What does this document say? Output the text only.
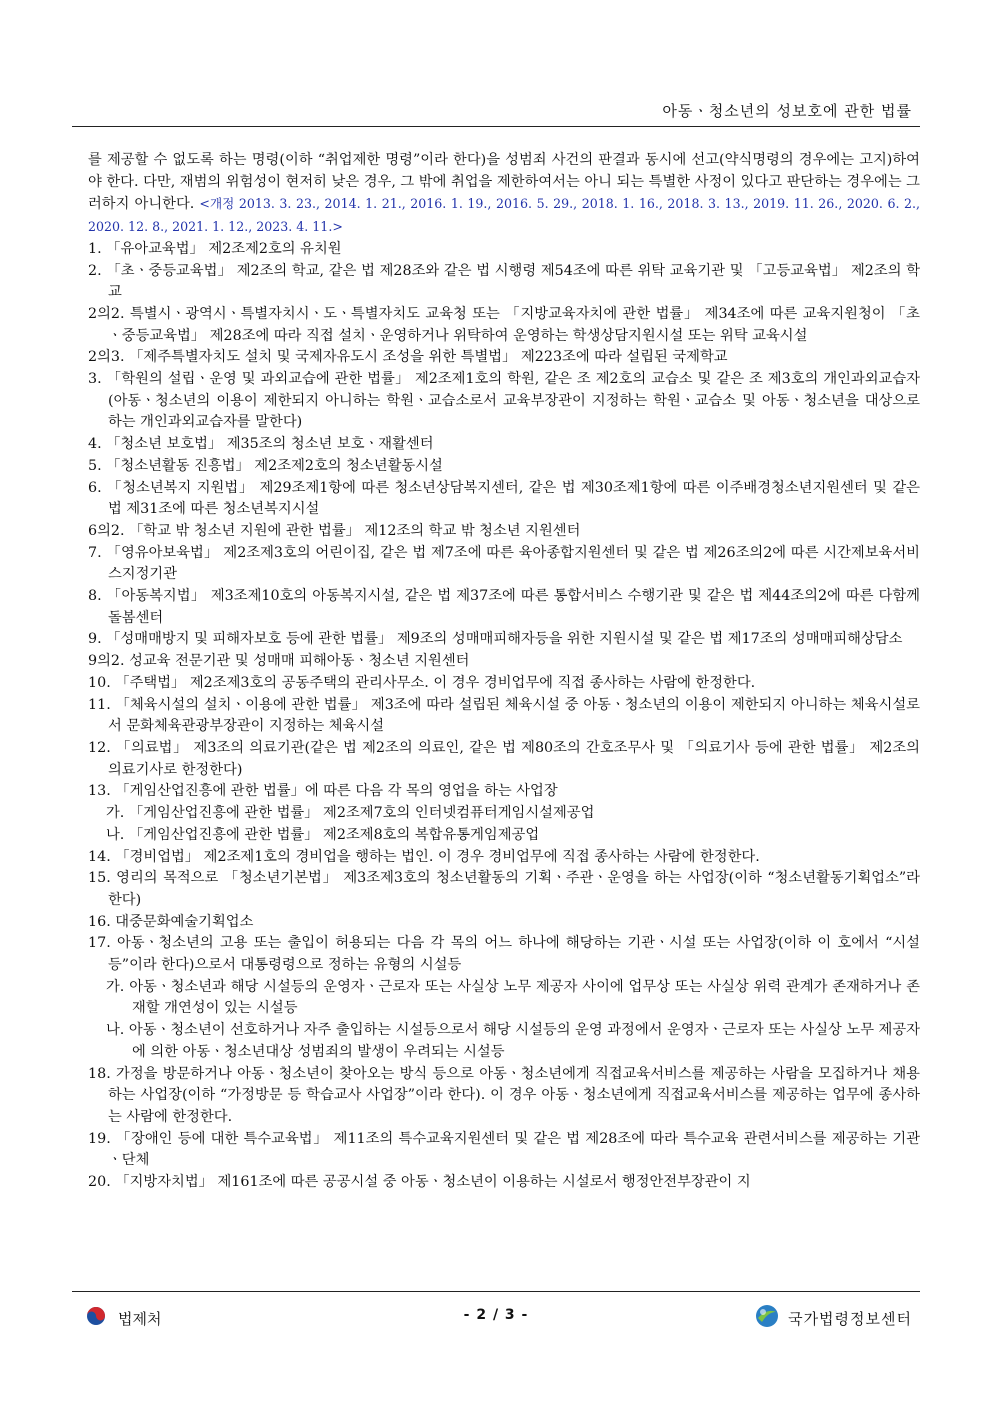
아동ㆍ청소년의 성보호에 관한 법률
를 제공할 수 없도록 하는 명령(이하 “취업제한 명령”이라 한다)을 성범죄 사건의 판결과 동시에 선고(약식명령의 경우에는 고지)하여야 한다. 다만, 재범의 위험성이 현저히 낮은 경우, 그 밖에 취업을 제한하여서는 아니 되는 특별한 사정이 있다고 판단하는 경우에는 그러하지 아니한다. <개정 2013. 3. 23., 2014. 1. 21., 2016. 1. 19., 2016. 5. 29., 2018. 1. 16., 2018. 3. 13., 2019. 11. 26., 2020. 6. 2., 2020. 12. 8., 2021. 1. 12., 2023. 4. 11.>
1. 「유아교육법」 제2조제2호의 유치원
2. 「초ㆍ중등교육법」 제2조의 학교, 같은 법 제28조와 같은 법 시행령 제54조에 따른 위탁 교육기관 및 「고등교육법」 제2조의 학교
2의2. 특별시ㆍ광역시ㆍ특별자치시ㆍ도ㆍ특별자치도 교육청 또는 「지방교육자치에 관한 법률」 제34조에 따른 교육지원청이 「초ㆍ중등교육법」 제28조에 따라 직접 설치ㆍ운영하거나 위탁하여 운영하는 학생상담지원시설 또는 위탁 교육시설
2의3. 「제주특별자치도 설치 및 국제자유도시 조성을 위한 특별법」 제223조에 따라 설립된 국제학교
3. 「학원의 설립ㆍ운영 및 과외교습에 관한 법률」 제2조제1호의 학원, 같은 조 제2호의 교습소 및 같은 조 제3호의 개인과외교습자(아동ㆍ청소년의 이용이 제한되지 아니하는 학원ㆍ교습소로서 교육부장관이 지정하는 학원ㆍ교습소 및 아동ㆍ청소년을 대상으로 하는 개인과외교습자를 말한다)
4. 「청소년 보호법」 제35조의 청소년 보호ㆍ재활센터
5. 「청소년활동 진흥법」 제2조제2호의 청소년활동시설
6. 「청소년복지 지원법」 제29조제1항에 따른 청소년상담복지센터, 같은 법 제30조제1항에 따른 이주배경청소년지원센터 및 같은 법 제31조에 따른 청소년복지시설
6의2. 「학교 밖 청소년 지원에 관한 법률」 제12조의 학교 밖 청소년 지원센터
7. 「영유아보육법」 제2조제3호의 어린이집, 같은 법 제7조에 따른 육아종합지원센터 및 같은 법 제26조의2에 따른 시간제보육서비스지정기관
8. 「아동복지법」 제3조제10호의 아동복지시설, 같은 법 제37조에 따른 통합서비스 수행기관 및 같은 법 제44조의2에 따른 다함께돌봄센터
9. 「성매매방지 및 피해자보호 등에 관한 법률」 제9조의 성매매피해자등을 위한 지원시설 및 같은 법 제17조의 성매매피해상담소
9의2. 성교육 전문기관 및 성매매 피해아동ㆍ청소년 지원센터
10. 「주택법」 제2조제3호의 공동주택의 관리사무소. 이 경우 경비업무에 직접 종사하는 사람에 한정한다.
11. 「체육시설의 설치ㆍ이용에 관한 법률」 제3조에 따라 설립된 체육시설 중 아동ㆍ청소년의 이용이 제한되지 아니하는 체육시설로서 문화체육관광부장관이 지정하는 체육시설
12. 「의료법」 제3조의 의료기관(같은 법 제2조의 의료인, 같은 법 제80조의 간호조무사 및 「의료기사 등에 관한 법률」 제2조의 의료기사로 한정한다)
13. 「게임산업진흥에 관한 법률」에 따른 다음 각 목의 영업을 하는 사업장
가. 「게임산업진흥에 관한 법률」 제2조제7호의 인터넷컴퓨터게임시설제공업
나. 「게임산업진흥에 관한 법률」 제2조제8호의 복합유통게임제공업
14. 「경비업법」 제2조제1호의 경비업을 행하는 법인. 이 경우 경비업무에 직접 종사하는 사람에 한정한다.
15. 영리의 목적으로 「청소년기본법」 제3조제3호의 청소년활동의 기획ㆍ주관ㆍ운영을 하는 사업장(이하 “청소년활동기획업소”라 한다)
16. 대중문화예술기획업소
17. 아동ㆍ청소년의 고용 또는 출입이 허용되는 다음 각 목의 어느 하나에 해당하는 기관ㆍ시설 또는 사업장(이하 이 호에서 “시설등”이라 한다)으로서 대통령령으로 정하는 유형의 시설등
가. 아동ㆍ청소년과 해당 시설등의 운영자ㆍ근로자 또는 사실상 노무 제공자 사이에 업무상 또는 사실상 위력 관계가 존재하거나 존재할 개연성이 있는 시설등
나. 아동ㆍ청소년이 선호하거나 자주 출입하는 시설등으로서 해당 시설등의 운영 과정에서 운영자ㆍ근로자 또는 사실상 노무 제공자에 의한 아동ㆍ청소년대상 성범죄의 발생이 우려되는 시설등
18. 가정을 방문하거나 아동ㆍ청소년이 찾아오는 방식 등으로 아동ㆍ청소년에게 직접교육서비스를 제공하는 사람을 모집하거나 채용하는 사업장(이하 “가정방문 등 학습교사 사업장”이라 한다). 이 경우 아동ㆍ청소년에게 직접교육서비스를 제공하는 업무에 종사하는 사람에 한정한다.
19. 「장애인 등에 대한 특수교육법」 제11조의 특수교육지원센터 및 같은 법 제28조에 따라 특수교육 관련서비스를 제공하는 기관ㆍ단체
20. 「지방자치법」 제161조에 따른 공공시설 중 아동ㆍ청소년이 이용하는 시설로서 행정안전부장관이 지
법제처	- 2 / 3 -	국가법령정보센터
